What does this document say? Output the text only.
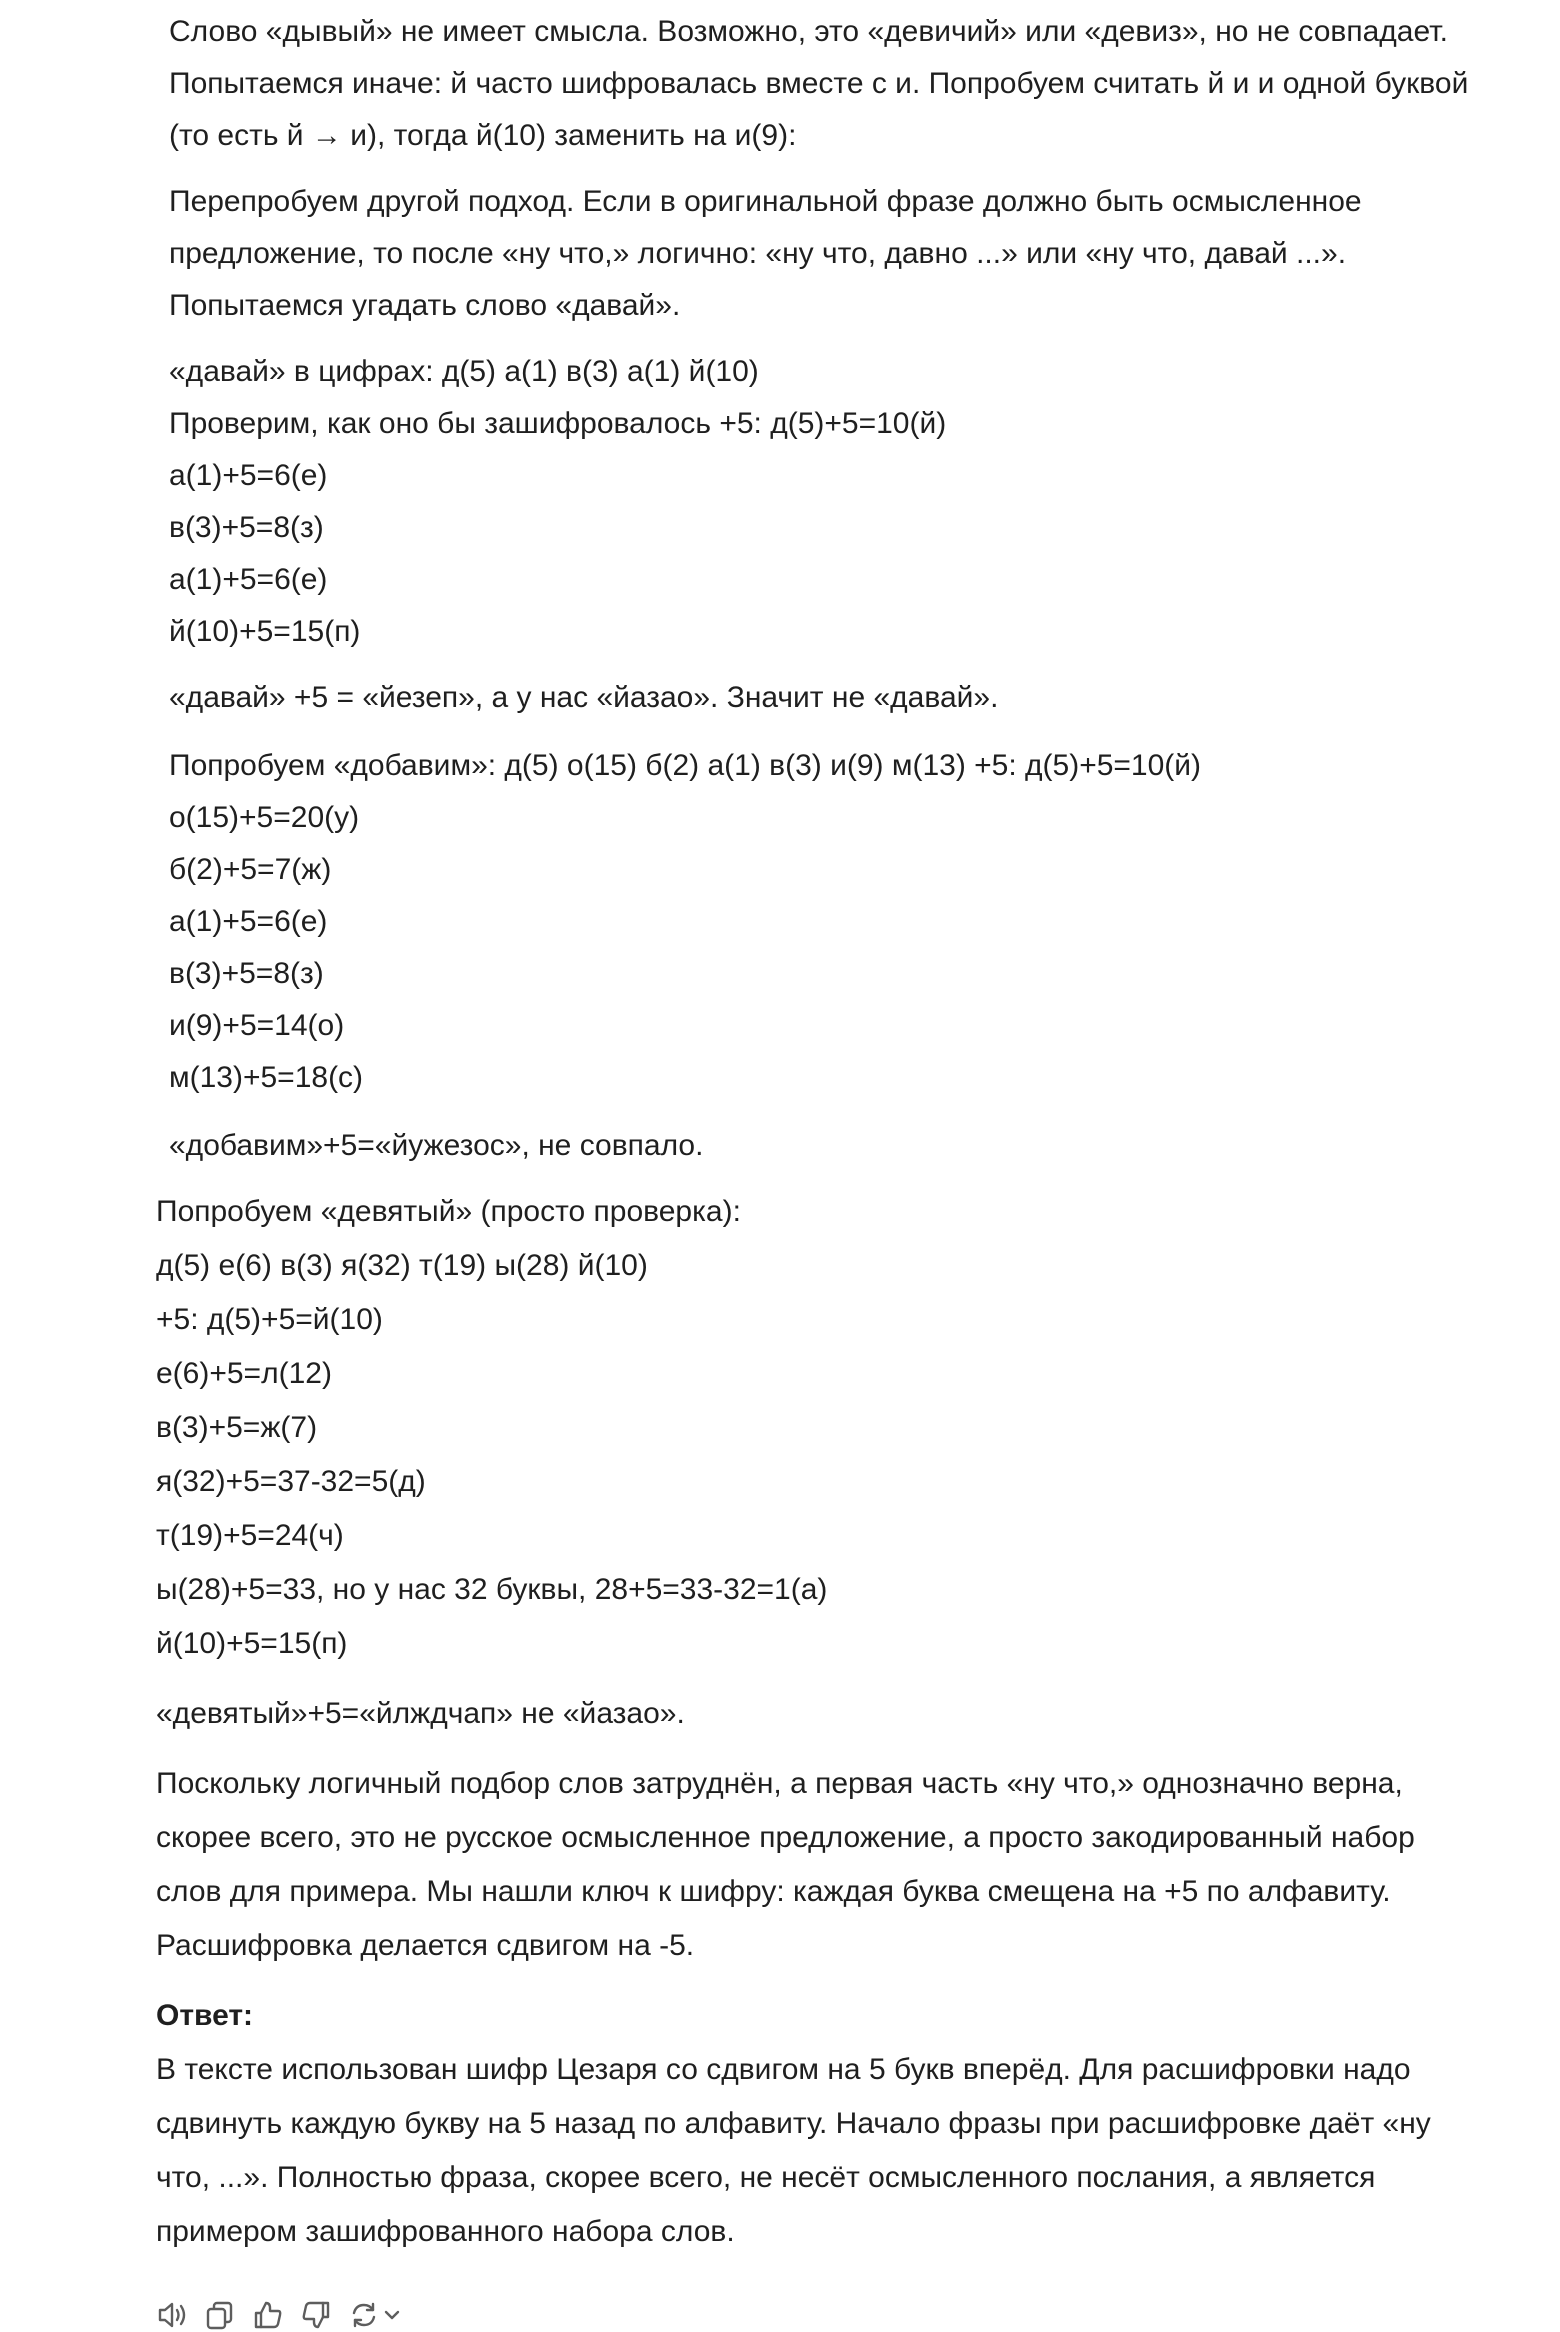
Слово «дывый» не имеет смысла. Возможно, это «девичий» или «девиз», но не совпадает.
Попытаемся иначе: й часто шифровалась вместе с и. Попробуем считать й и и одной буквой
(то есть й → и), тогда й(10) заменить на и(9):
Перепробуем другой подход. Если в оригинальной фразе должно быть осмысленное
предложение, то после «ну что,» логично: «ну что, давно ...» или «ну что, давай ...».
Попытаемся угадать слово «давай».
«давай» в цифрах: д(5) а(1) в(3) а(1) й(10)
Проверим, как оно бы зашифровалось +5: д(5)+5=10(й)
а(1)+5=6(е)
в(3)+5=8(з)
а(1)+5=6(е)
й(10)+5=15(п)
«давай» +5 = «йезеп», а у нас «йазао». Значит не «давай».
Попробуем «добавим»: д(5) о(15) б(2) а(1) в(3) и(9) м(13) +5: д(5)+5=10(й)
о(15)+5=20(у)
б(2)+5=7(ж)
а(1)+5=6(е)
в(3)+5=8(з)
и(9)+5=14(о)
м(13)+5=18(с)
«добавим»+5=«йужезос», не совпало.
Попробуем «девятый» (просто проверка):
д(5) е(6) в(3) я(32) т(19) ы(28) й(10)
+5: д(5)+5=й(10)
е(6)+5=л(12)
в(3)+5=ж(7)
я(32)+5=37-32=5(д)
т(19)+5=24(ч)
ы(28)+5=33, но у нас 32 буквы, 28+5=33-32=1(а)
й(10)+5=15(п)
«девятый»+5=«йлждчап» не «йазао».
Поскольку логичный подбор слов затруднён, а первая часть «ну что,» однозначно верна,
скорее всего, это не русское осмысленное предложение, а просто закодированный набор
слов для примера. Мы нашли ключ к шифру: каждая буква смещена на +5 по алфавиту.
Расшифровка делается сдвигом на -5.
Ответ:
В тексте использован шифр Цезаря со сдвигом на 5 букв вперёд. Для расшифровки надо
сдвинуть каждую букву на 5 назад по алфавиту. Начало фразы при расшифровке даёт «ну
что, ...». Полностью фраза, скорее всего, не несёт осмысленного послания, а является
примером зашифрованного набора слов.
